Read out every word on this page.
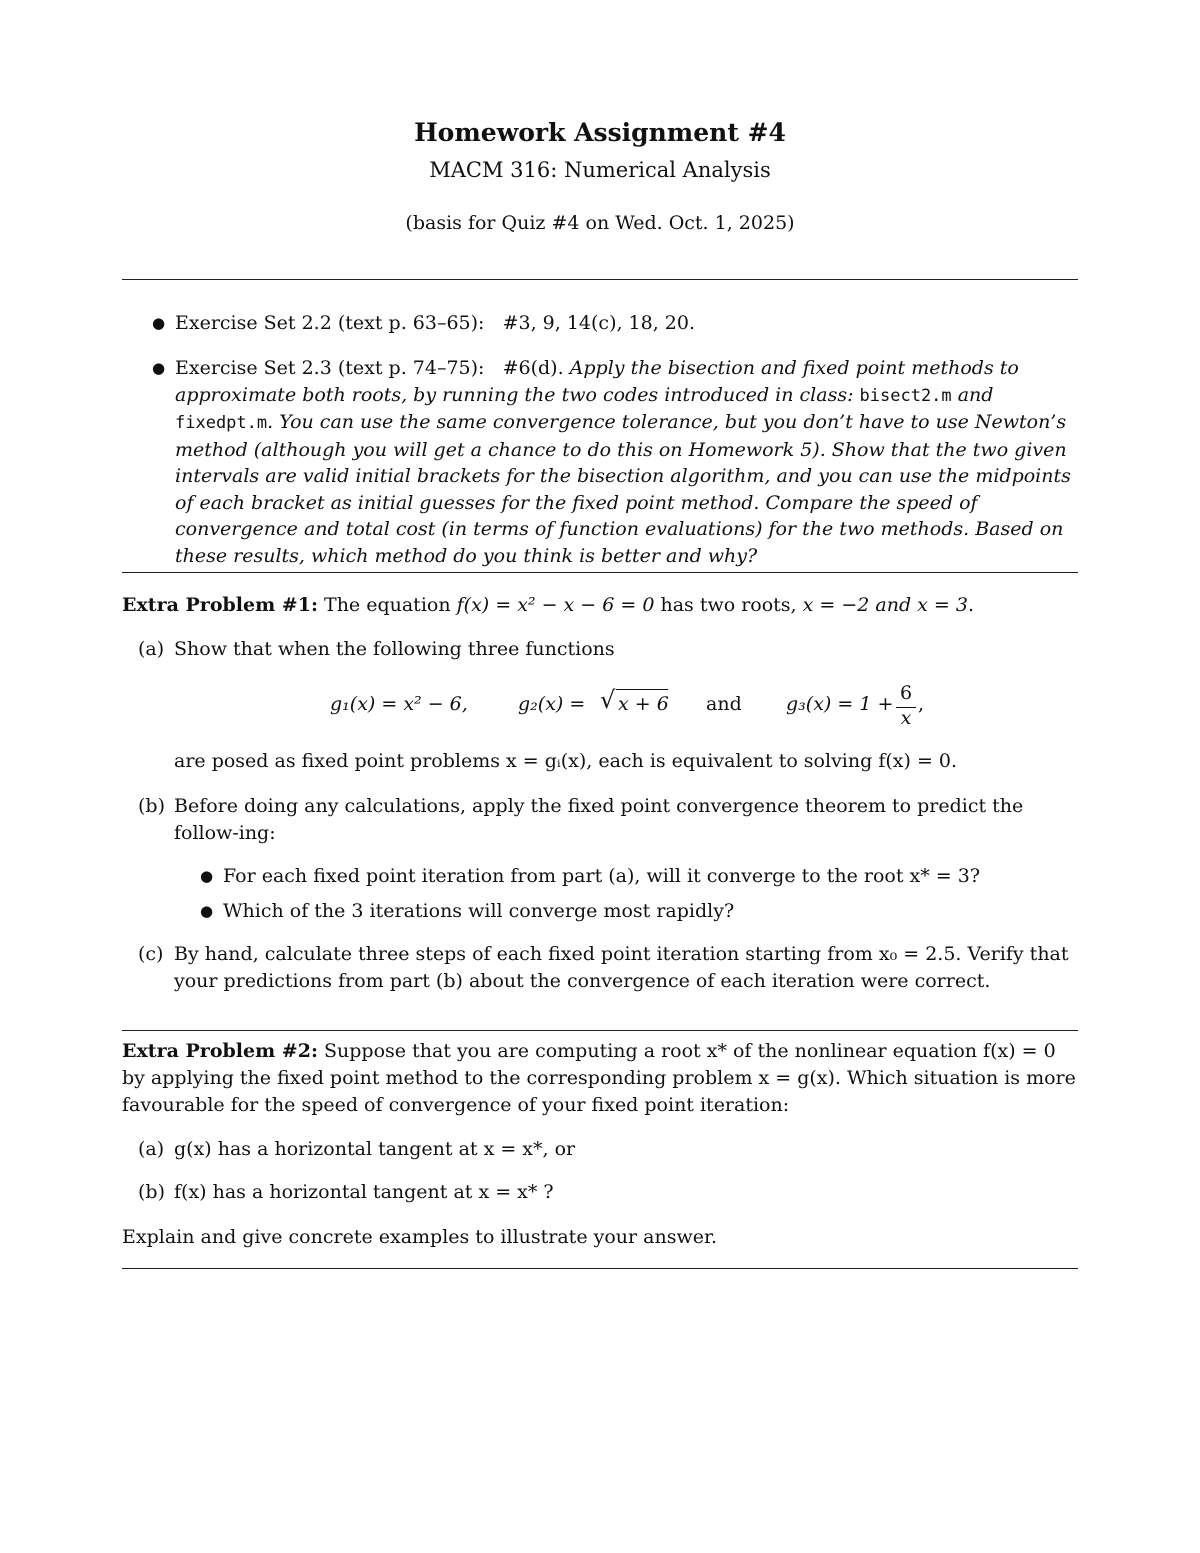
Homework Assignment #4
MACM 316: Numerical Analysis
(basis for Quiz #4 on Wed. Oct. 1, 2025)
● Exercise Set 2.2 (text p. 63–65): #3, 9, 14(c), 18, 20.
● Exercise Set 2.3 (text p. 74–75): #6(d). Apply the bisection and fixed point methods to approximate both roots, by running the two codes introduced in class: bisect2.m and fixedpt.m. You can use the same convergence tolerance, but you don’t have to use Newton’s method (although you will get a chance to do this on Homework 5). Show that the two given intervals are valid initial brackets for the bisection algorithm, and you can use the midpoints of each bracket as initial guesses for the fixed point method. Compare the speed of convergence and total cost (in terms of function evaluations) for the two methods. Based on these results, which method do you think is better and why?
Extra Problem #1: The equation f(x) = x² − x − 6 = 0 has two roots, x = −2 and x = 3.
(a) Show that when the following three functions
g₁(x) = x² − 6,	g₂(x) = √ x + 6 and g₃(x) = 1 + 6
x
,
are posed as fixed point problems x = gᵢ(x), each is equivalent to solving f(x) = 0.
(b) Before doing any calculations, apply the fixed point convergence theorem to predict the follow-ing:
● For each fixed point iteration from part (a), will it converge to the root x* = 3?
● Which of the 3 iterations will converge most rapidly?
(c) By hand, calculate three steps of each fixed point iteration starting from x₀ = 2.5. Verify that your predictions from part (b) about the convergence of each iteration were correct.
Extra Problem #2: Suppose that you are computing a root x* of the nonlinear equation f(x) = 0 by applying the fixed point method to the corresponding problem x = g(x). Which situation is more favourable for the speed of convergence of your fixed point iteration:
(a) g(x) has a horizontal tangent at x = x*, or
(b) f(x) has a horizontal tangent at x = x* ?
Explain and give concrete examples to illustrate your answer.
